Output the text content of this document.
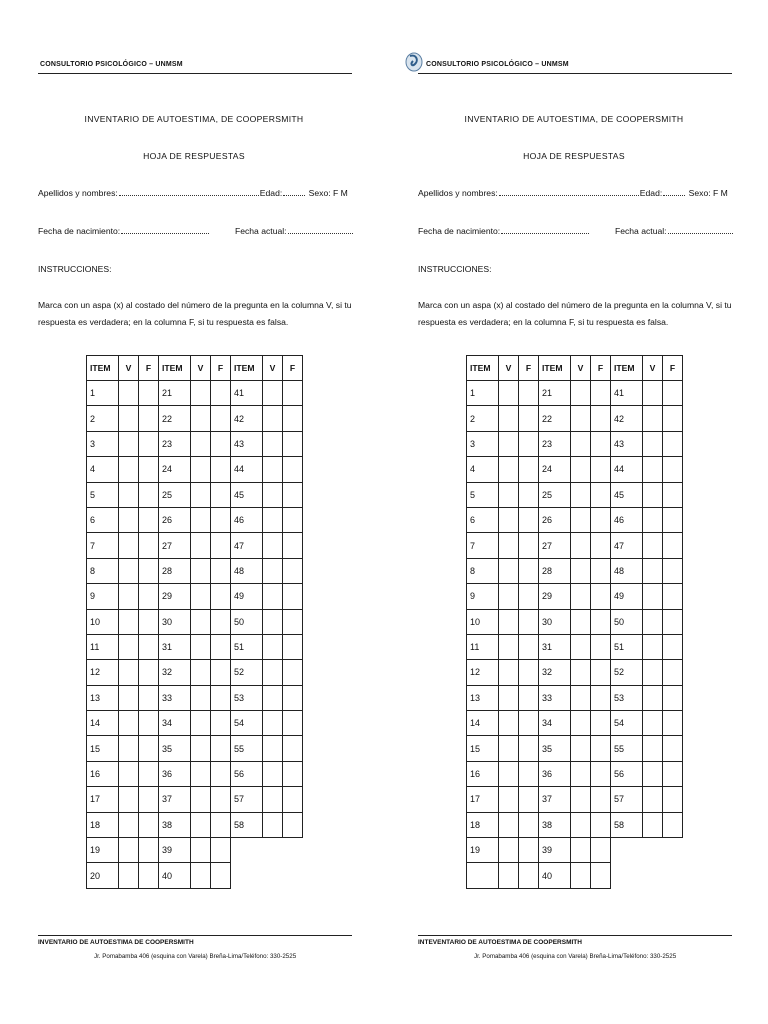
CONSULTORIO PSICOLÓGICO – UNMSM
INVENTARIO DE AUTOESTIMA, DE COOPERSMITH
HOJA DE RESPUESTAS
Apellidos y nombres:	Edad:	Sexo: F M
Fecha de nacimiento:	Fecha actual:
INSTRUCCIONES:
Marca con un aspa (x) al costado del número de la pregunta en la columna V, si tu
respuesta es verdadera; en la columna F, si tu respuesta es falsa.
ITEM	V	F	ITEM	V	F	ITEM	V	F
1			21			41		
2			22			42		
3			23			43		
4			24			44		
5			25			45		
6			26			46		
7			27			47		
8			28			48		
9			29			49		
10			30			50		
11			31			51		
12			32			52		
13			33			53		
14			34			54		
15			35			55		
16			36			56		
17			37			57		
18			38			58		
19			39					
20			40					
INVENTARIO DE AUTOESTIMA DE COOPERSMITH
Jr. Pomabamba 406 (esquina con Varela) Breña-Lima/Teléfono: 330-2525
CONSULTORIO PSICOLÓGICO – UNMSM
INVENTARIO DE AUTOESTIMA, DE COOPERSMITH
HOJA DE RESPUESTAS
Apellidos y nombres:	Edad:	Sexo: F M
Fecha de nacimiento:	Fecha actual:
INSTRUCCIONES:
Marca con un aspa (x) al costado del número de la pregunta en la columna V, si tu
respuesta es verdadera; en la columna F, si tu respuesta es falsa.
ITEM	V	F	ITEM	V	F	ITEM	V	F
1			21			41		
2			22			42		
3			23			43		
4			24			44		
5			25			45		
6			26			46		
7			27			47		
8			28			48		
9			29			49		
10			30			50		
11			31			51		
12			32			52		
13			33			53		
14			34			54		
15			35			55		
16			36			56		
17			37			57		
18			38			58		
19			39					
			40					
INTEVENTARIO DE AUTOESTIMA DE COOPERSMITH
Jr. Pomabamba 406 (esquina con Varela) Breña-Lima/Teléfono: 330-2525
